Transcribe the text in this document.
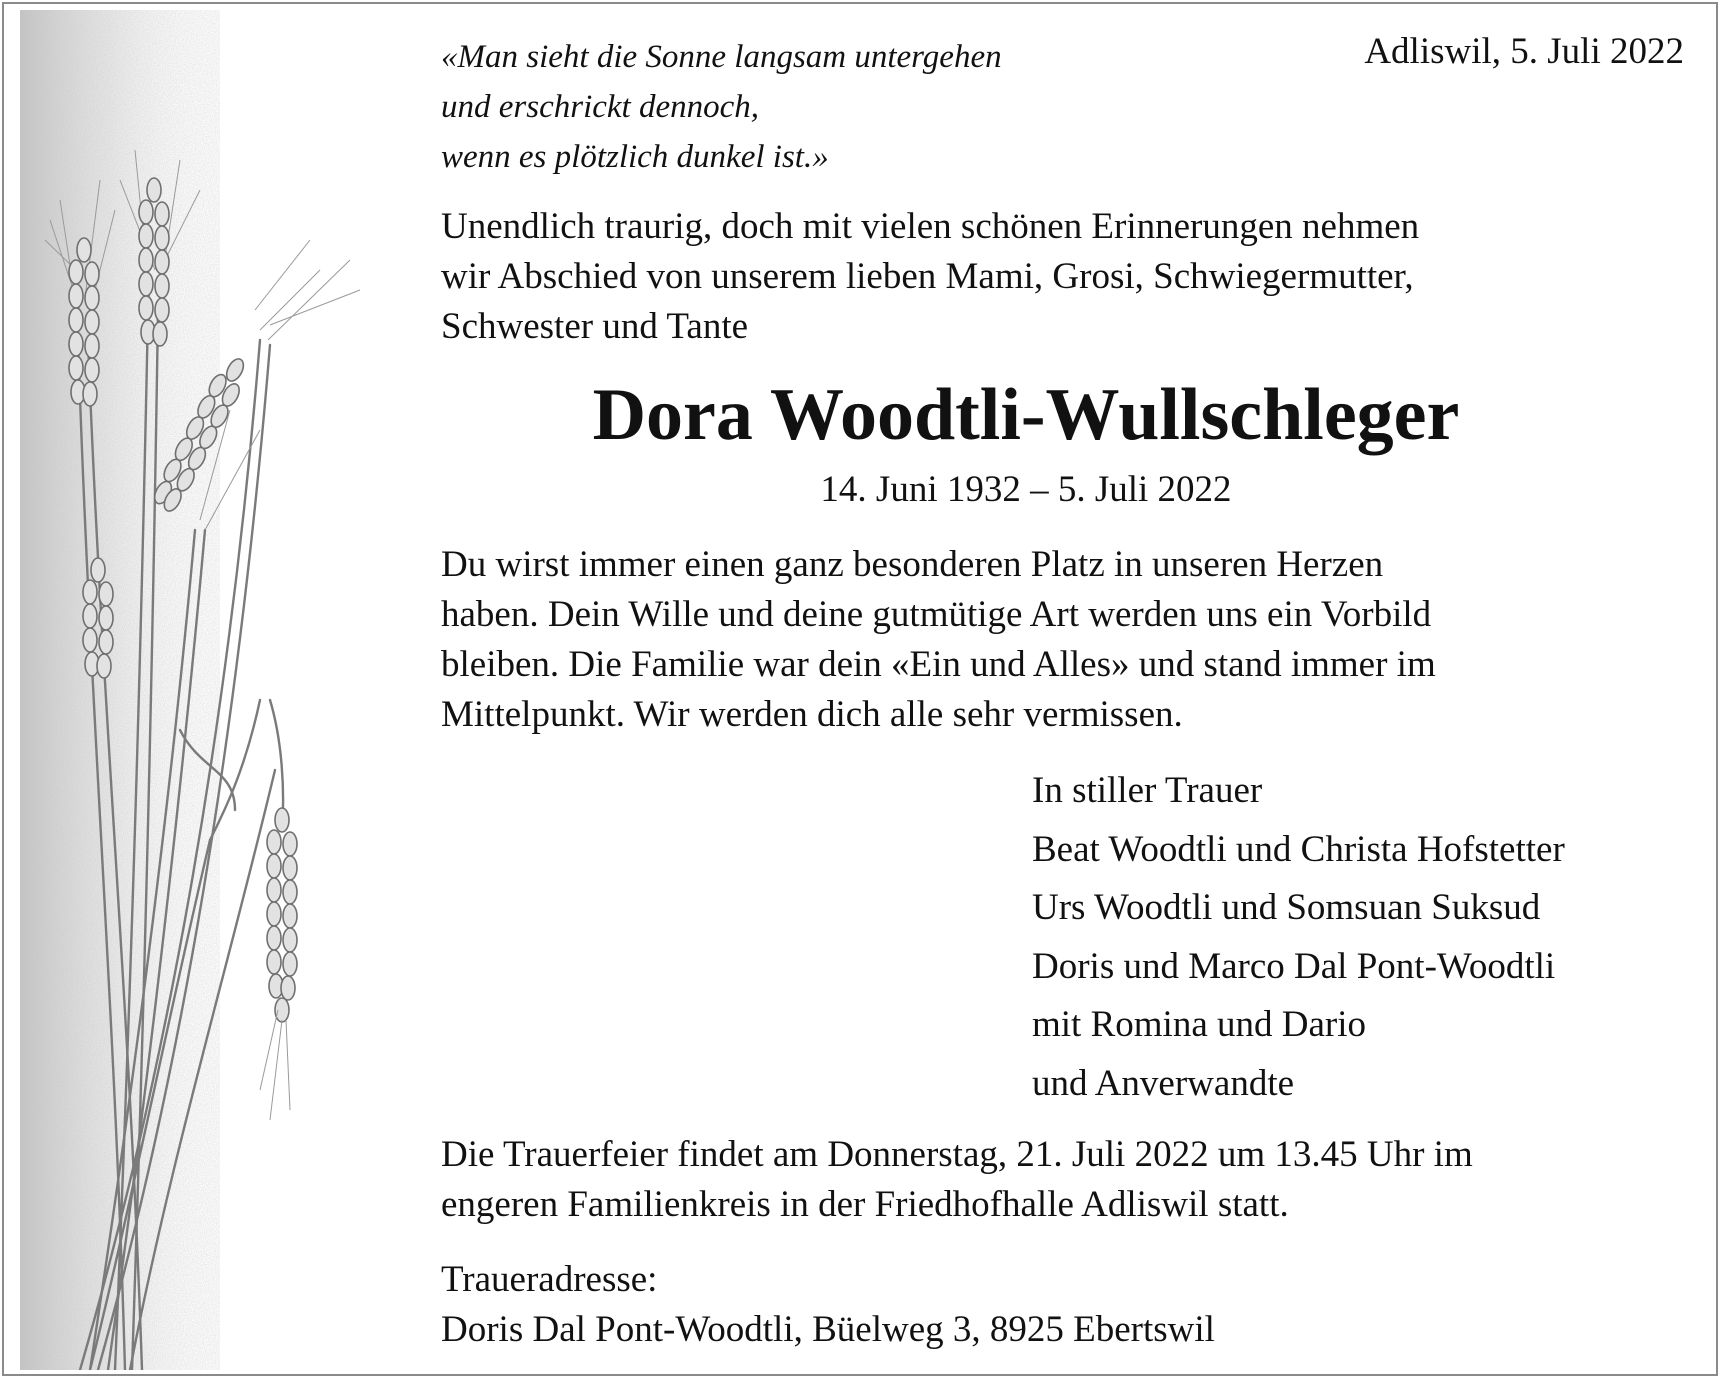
«Man sieht die Sonne langsam untergehen
und erschrickt dennoch,
wenn es plötzlich dunkel ist.»
Adliswil, 5. Juli 2022
Unendlich traurig, doch mit vielen schönen Erinnerungen nehmen
wir Abschied von unserem lieben Mami, Grosi, Schwiegermutter,
Schwester und Tante
Dora Woodtli-Wullschleger
14. Juni 1932 – 5. Juli 2022
Du wirst immer einen ganz besonderen Platz in unseren Herzen
haben. Dein Wille und deine gutmütige Art werden uns ein Vorbild
bleiben. Die Familie war dein «Ein und Alles» und stand immer im
Mittelpunkt. Wir werden dich alle sehr vermissen.
In stiller Trauer
Beat Woodtli und Christa Hofstetter
Urs Woodtli und Somsuan Suksud
Doris und Marco Dal Pont-Woodtli
mit Romina und Dario
und Anverwandte
Die Trauerfeier findet am Donnerstag, 21. Juli 2022 um 13.45 Uhr im
engeren Familienkreis in der Friedhofhalle Adliswil statt.
Traueradresse:
Doris Dal Pont-Woodtli, Büelweg 3, 8925 Ebertswil
